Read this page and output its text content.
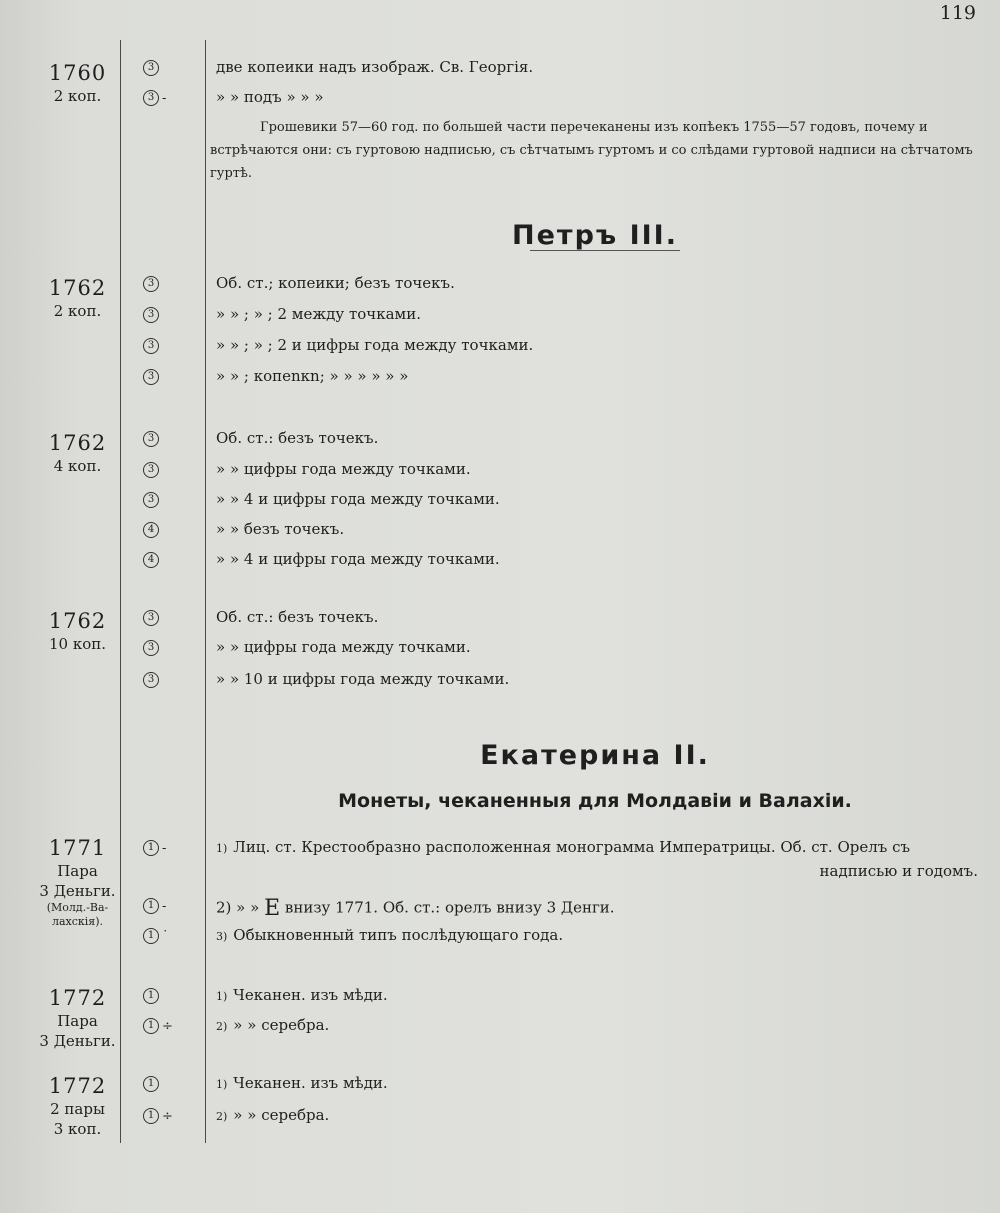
119
1760
2 коп.
3
3 -
две копеики надъ изображ. Св. Георгія.
» » подъ » » »
Грошевики 57—60 год. по большей части перечеканены изъ копѣекъ 1755—57 годовъ, почему и встрѣчаются они: съ гуртовою надписью, съ сѣтчатымъ гуртомъ и со слѣдами гуртовой надписи на сѣтчатомъ гуртѣ.
Петръ III.
1762
2 коп.
3
3
3
3
Об. ст.; копеики; безъ точекъ.
» » ; » ; 2 между точками.
» » ; » ; 2 и цифры года между точками.
» » ; копеnкn; » » » » » »
1762
4 коп.
3
3
3
4
4
Об. ст.: безъ точекъ.
» » цифры года между точками.
» » 4 и цифры года между точками.
» » безъ точекъ.
» » 4 и цифры года между точками.
1762
10 коп.
3
3
3
Об. ст.: безъ точекъ.
» » цифры года между точками.
» » 10 и цифры года между точками.
Екатерина II.
Монеты, чеканенныя для Молдавіи и Валахіи.
1771
Пара
3 Деньги.
(Молд.-Ва-
лахскія).
1 -
1 -
1 ˙
1) Лиц. ст. Крестообразно расположенная монограмма Императрицы. Об. ст. Орелъ съ
надписью и годомъ.
2) » » Е внизу 1771. Об. ст.: орелъ внизу 3 Денги.
3) Обыкновенный типъ послѣдующаго года.
1772
Пара
3 Деньги.
1
1 ÷
1) Чеканен. изъ мѣди.
2) » » серебра.
1772
2 пары
3 коп.
1
1 ÷
1) Чеканен. изъ мѣди.
2) » » серебра.
